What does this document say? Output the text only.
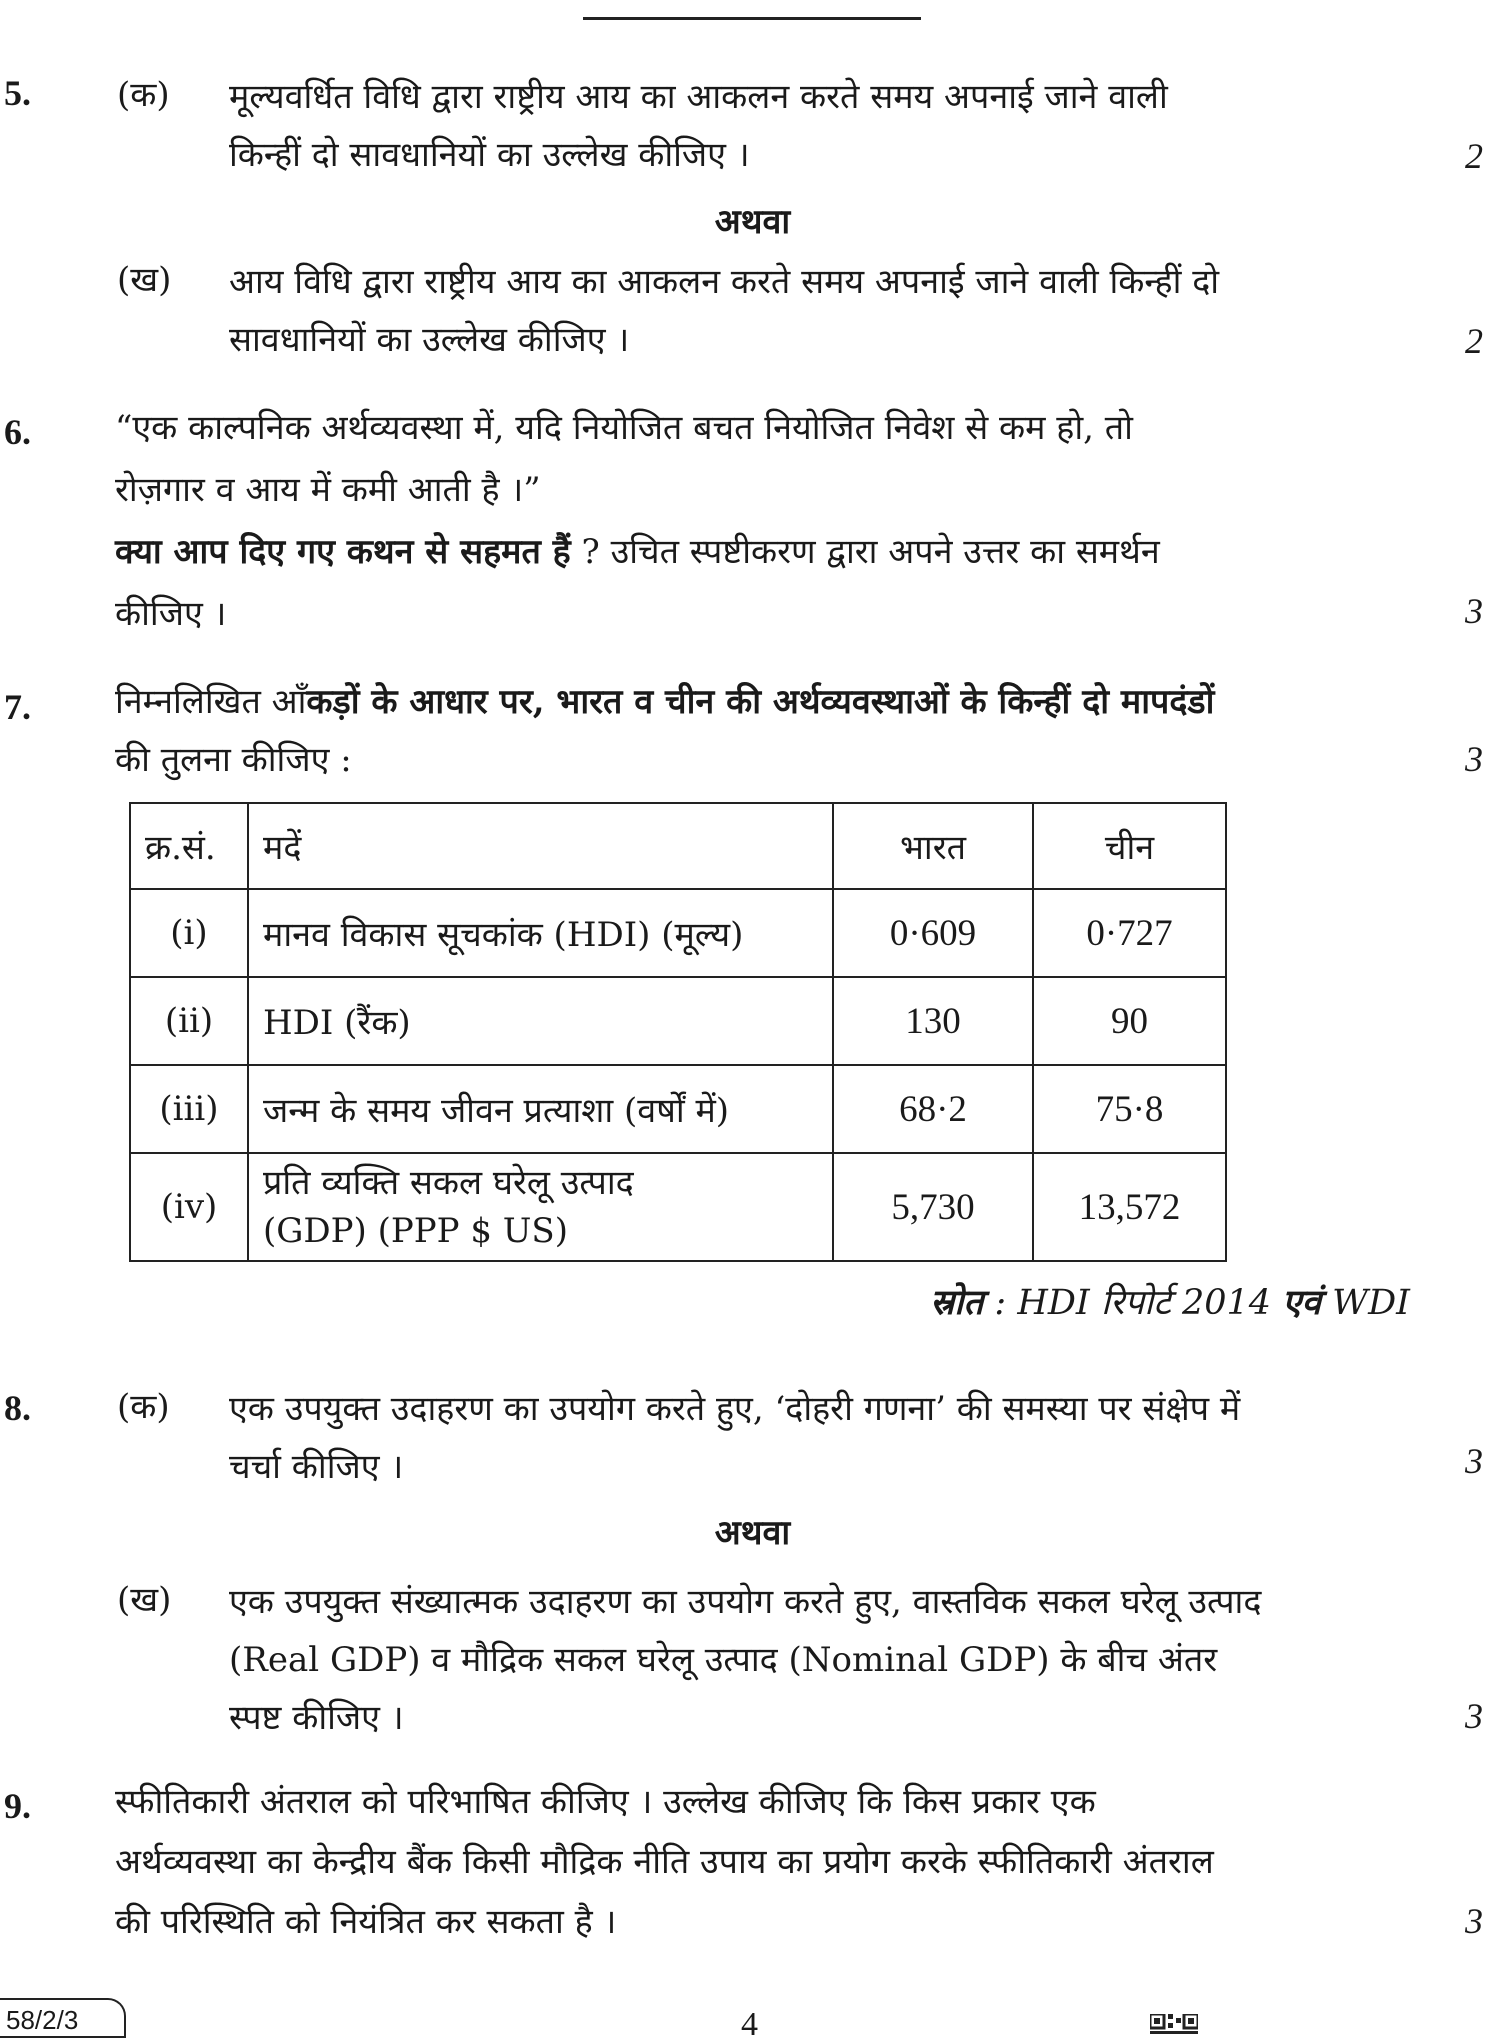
5.	(क) मूल्यवर्धित विधि द्वारा राष्ट्रीय आय का आकलन करते समय अपनाई जाने वाली
किन्हीं दो सावधानियों का उल्लेख कीजिए ।	2
अथवा
(ख) आय विधि द्वारा राष्ट्रीय आय का आकलन करते समय अपनाई जाने वाली किन्हीं दो
सावधानियों का उल्लेख कीजिए ।	2
6. “एक काल्पनिक अर्थव्यवस्था में, यदि नियोजित बचत नियोजित निवेश से कम हो, तो
रोज़गार व आय में कमी आती है ।”
क्या आप दिए गए कथन से सहमत हैं ? उचित स्पष्टीकरण द्वारा अपने उत्तर का समर्थन
कीजिए ।	3
7. निम्नलिखित आँकड़ों के आधार पर, भारत व चीन की अर्थव्यवस्थाओं के किन्हीं दो मापदंडों
की तुलना कीजिए :	3
क्र.सं.	मदें	भारत	चीन
(i)	मानव विकास सूचकांक (HDI) (मूल्य)	0·609	0·727
(ii)	HDI (रैंक)	130	90
(iii)	जन्म के समय जीवन प्रत्याशा (वर्षों में)	68·2	75·8
(iv)	प्रति व्यक्ति सकल घरेलू उत्पाद
(GDP) (PPP $ US)	5,730	13,572
स्रोत : HDI रिपोर्ट 2014 एवं WDI
8.	(क) एक उपयुक्त उदाहरण का उपयोग करते हुए, ‘दोहरी गणना’ की समस्या पर संक्षेप में
चर्चा कीजिए ।	3
अथवा
(ख) एक उपयुक्त संख्यात्मक उदाहरण का उपयोग करते हुए, वास्तविक सकल घरेलू उत्पाद
(Real GDP) व मौद्रिक सकल घरेलू उत्पाद (Nominal GDP) के बीच अंतर
स्पष्ट कीजिए ।	3
9. स्फीतिकारी अंतराल को परिभाषित कीजिए । उल्लेख कीजिए कि किस प्रकार एक
अर्थव्यवस्था का केन्द्रीय बैंक किसी मौद्रिक नीति उपाय का प्रयोग करके स्फीतिकारी अंतराल
की परिस्थिति को नियंत्रित कर सकता है ।	3
58/2/3	4
